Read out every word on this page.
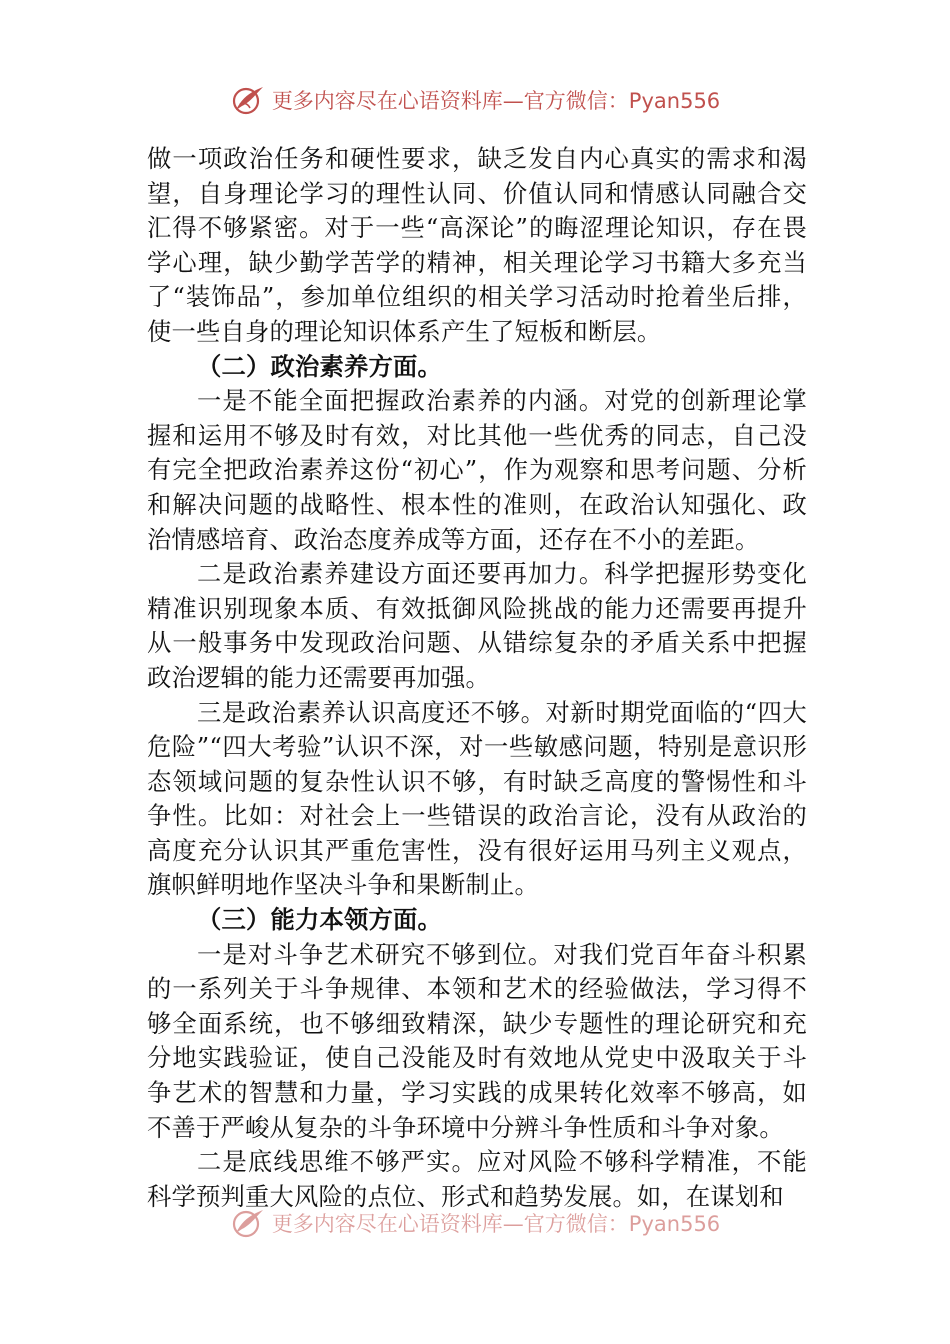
更多内容尽在心语资料库—官方微信：Pyan556

做一项政治任务和硬性要求，缺乏发自内心真实的需求和渴望，自身理论学习的理性认同、价值认同和情感认同融合交汇得不够紧密。对于一些“高深论”的晦涩理论知识，存在畏学心理，缺少勤学苦学的精神，相关理论学习书籍大多充当了“装饰品”，参加单位组织的相关学习活动时抢着坐后排，使一些自身的理论知识体系产生了短板和断层。

（二）政治素养方面。

一是不能全面把握政治素养的内涵。对党的创新理论掌握和运用不够及时有效，对比其他一些优秀的同志，自己没有完全把政治素养这份“初心”，作为观察和思考问题、分析和解决问题的战略性、根本性的准则，在政治认知强化、政治情感培育、政治态度养成等方面，还存在不小的差距。

二是政治素养建设方面还要再加力。科学把握形势变化精准识别现象本质、有效抵御风险挑战的能力还需要再提升从一般事务中发现政治问题、从错综复杂的矛盾关系中把握政治逻辑的能力还需要再加强。

三是政治素养认识高度还不够。对新时期党面临的“四大危险”“四大考验”认识不深，对一些敏感问题，特别是意识形态领域问题的复杂性认识不够，有时缺乏高度的警惕性和斗争性。比如：对社会上一些错误的政治言论，没有从政治的高度充分认识其严重危害性，没有很好运用马列主义观点，旗帜鲜明地作坚决斗争和果断制止。

（三）能力本领方面。

一是对斗争艺术研究不够到位。对我们党百年奋斗积累的一系列关于斗争规律、本领和艺术的经验做法，学习得不够全面系统，也不够细致精深，缺少专题性的理论研究和充分地实践验证，使自己没能及时有效地从党史中汲取关于斗争艺术的智慧和力量，学习实践的成果转化效率不够高，如不善于严峻从复杂的斗争环境中分辨斗争性质和斗争对象。

二是底线思维不够严实。应对风险不够科学精准，不能科学预判重大风险的点位、形式和趋势发展。如，在谋划和

更多内容尽在心语资料库—官方微信：Pyan556
